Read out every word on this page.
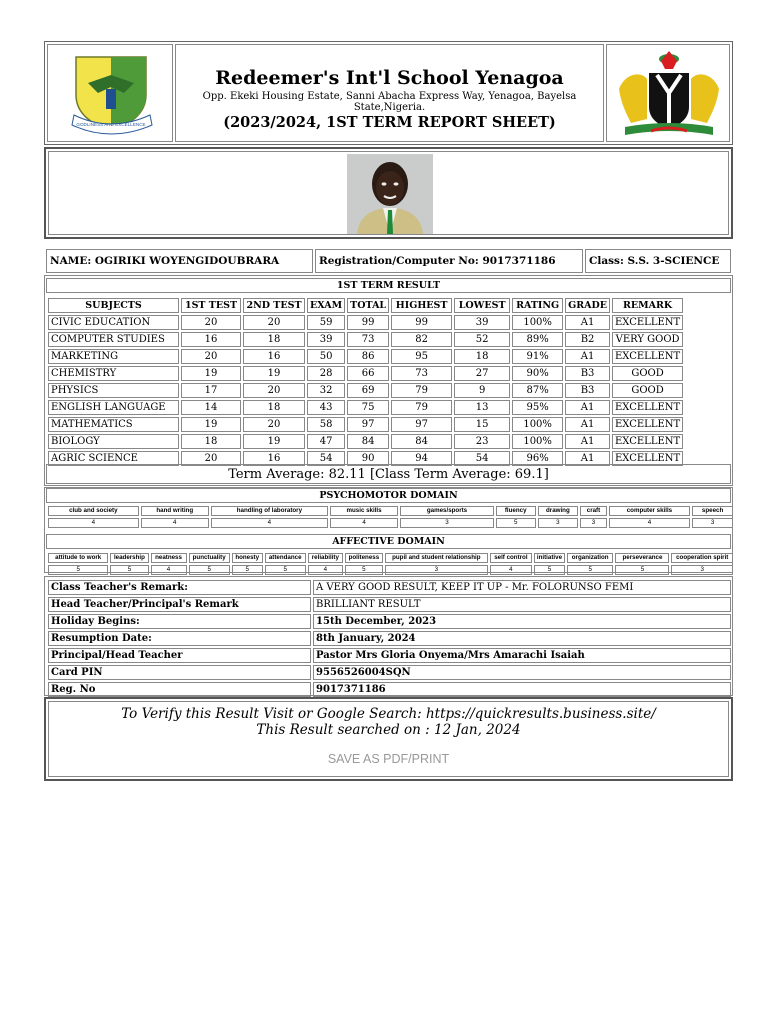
GODLINESS AND EXCELLENCE
Redeemer's Int'l School Yenagoa
Opp. Ekeki Housing Estate, Sanni Abacha Express Way, Yenagoa, Bayelsa State,Nigeria.
(2023/2024, 1ST TERM REPORT SHEET)
NAME: OGIRIKI WOYENGIDOUBRARA	Registration/Computer No: 9017371186	Class: S.S. 3-SCIENCE
1ST TERM RESULT
SUBJECTS	1ST TEST	2ND TEST	EXAM	TOTAL	HIGHEST	LOWEST	RATING	GRADE	REMARK
CIVIC EDUCATION	20	20	59	99	99	39	100%	A1	EXCELLENT
COMPUTER STUDIES	16	18	39	73	82	52	89%	B2	VERY GOOD
MARKETING	20	16	50	86	95	18	91%	A1	EXCELLENT
CHEMISTRY	19	19	28	66	73	27	90%	B3	GOOD
PHYSICS	17	20	32	69	79	9	87%	B3	GOOD
ENGLISH LANGUAGE	14	18	43	75	79	13	95%	A1	EXCELLENT
MATHEMATICS	19	20	58	97	97	15	100%	A1	EXCELLENT
BIOLOGY	18	19	47	84	84	23	100%	A1	EXCELLENT
AGRIC SCIENCE	20	16	54	90	94	54	96%	A1	EXCELLENT
Term Average: 82.11 [Class Term Average: 69.1]
PSYCHOMOTOR DOMAIN
club and society	hand writing	handling of laboratory	music skills	games/sports	fluency	drawing	craft	computer skills	speech
4	4	4	4	3	5	3	3	4	3
AFFECTIVE DOMAIN
attitude to work	leadership	neatness	punctuality	honesty	attendance	reliability	politeness	pupil and student relationship	self control	initiative	organization	perseverance	cooperation spirit
5	5	4	5	5	5	4	5	3	4	5	5	5	3
Class Teacher's Remark:	A VERY GOOD RESULT, KEEP IT UP - Mr. FOLORUNSO FEMI
Head Teacher/Principal's Remark	BRILLIANT RESULT
Holiday Begins:	15th December, 2023
Resumption Date:	8th January, 2024
Principal/Head Teacher	Pastor Mrs Gloria Onyema/Mrs Amarachi Isaiah
Card PIN	9556526004SQN
Reg. No	9017371186
To Verify this Result Visit or Google Search: https://quickresults.business.site/
This Result searched on : 12 Jan, 2024
SAVE AS PDF/PRINT
